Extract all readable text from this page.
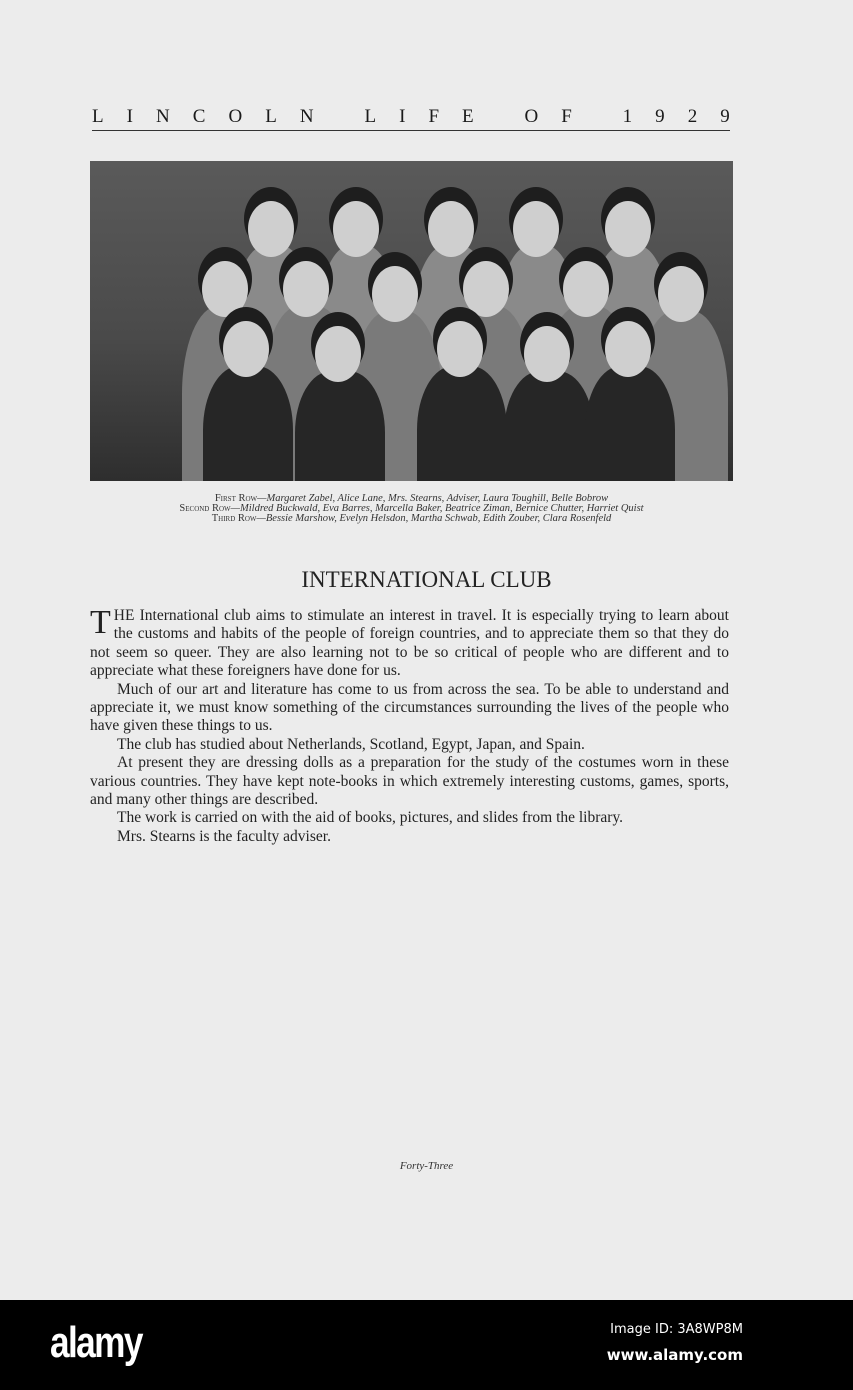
L I N C O L N
	L I F E
	O F
	1 9 2 9
First Row—Margaret Zabel, Alice Lane, Mrs. Stearns, Adviser, Laura Toughill, Belle Bobrow
Second Row—Mildred Buckwald, Eva Barres, Marcella Baker, Beatrice Ziman, Bernice Chutter, Harriet Quist
Third Row—Bessie Marshow, Evelyn Helsdon, Martha Schwab, Edith Zouber, Clara Rosenfeld
INTERNATIONAL CLUB

THE International club aims to stimulate an interest in travel. It is especially trying to learn about the customs and habits of the people of foreign countries, and to appreciate them so that they do not seem so queer. They are also learning not to be so critical of people who are different and to appreciate what these foreigners have done for us.

Much of our art and literature has come to us from across the sea. To be able to understand and appreciate it, we must know something of the circumstances surrounding the lives of the people who have given these things to us.

The club has studied about Netherlands, Scotland, Egypt, Japan, and Spain.

At present they are dressing dolls as a preparation for the study of the costumes worn in these various countries. They have kept note-books in which extremely interesting customs, games, sports, and many other things are described.

The work is carried on with the aid of books, pictures, and slides from the library.

Mrs. Stearns is the faculty adviser.

Forty-Three
alamy	Image ID: 3A8WP8M
www.alamy.com
